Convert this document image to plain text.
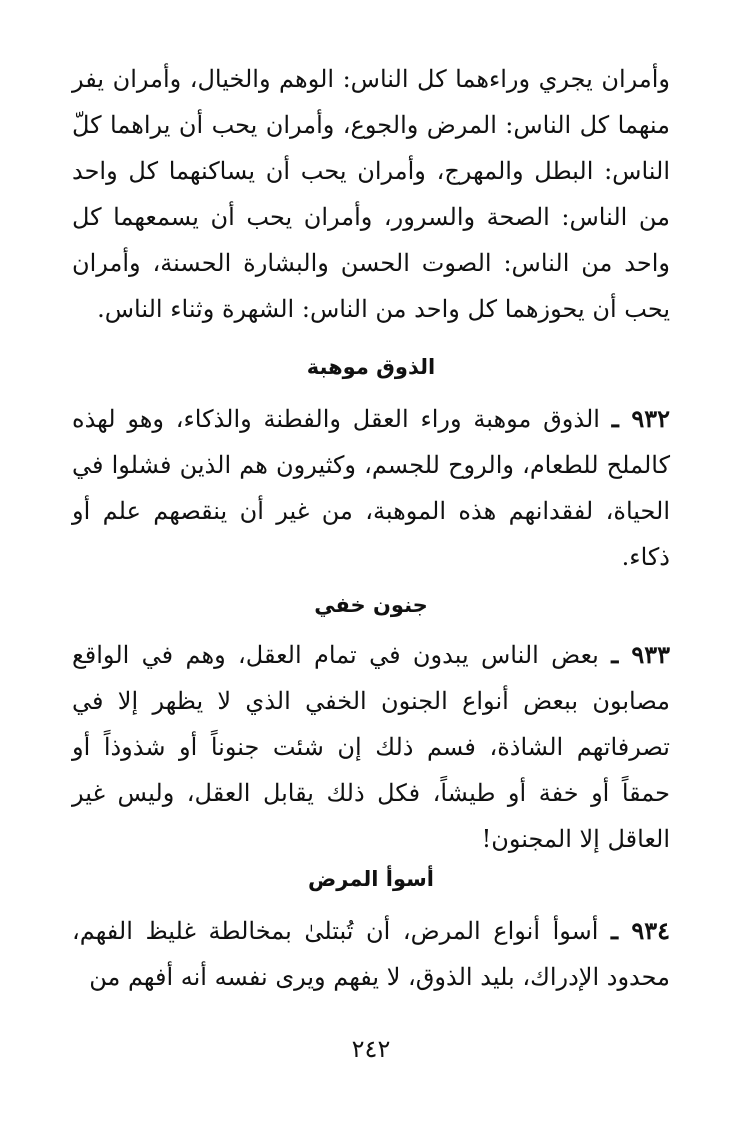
وأمران يجري وراءهما كل الناس: الوهم والخيال، وأمران يفر منهما كل الناس: المرض والجوع، وأمران يحب أن يراهما كلّ الناس: البطل والمهرج، وأمران يحب أن يساكنهما كل واحد من الناس: الصحة والسرور، وأمران يحب أن يسمعهما كل واحد من الناس: الصوت الحسن والبشارة الحسنة، وأمران يحب أن يحوزهما كل واحد من الناس: الشهرة وثناء الناس.

الذوق موهبة

٩٣٢ ـ الذوق موهبة وراء العقل والفطنة والذكاء، وهو لهذه كالملح للطعام، والروح للجسم، وكثيرون هم الذين فشلوا في الحياة، لفقدانهم هذه الموهبة، من غير أن ينقصهم علم أو ذكاء.

جنون خفي

٩٣٣ ـ بعض الناس يبدون في تمام العقل، وهم في الواقع مصابون ببعض أنواع الجنون الخفي الذي لا يظهر إلا في تصرفاتهم الشاذة، فسم ذلك إن شئت جنوناً أو شذوذاً أو حمقاً أو خفة أو طيشاً، فكل ذلك يقابل العقل، وليس غير العاقل إلا المجنون!

أسوأ المرض

٩٣٤ ـ أسوأ أنواع المرض، أن تُبتلىٰ بمخالطة غليظ الفهم، محدود الإدراك، بليد الذوق، لا يفهم ويرى نفسه أنه أفهم من

٢٤٢
